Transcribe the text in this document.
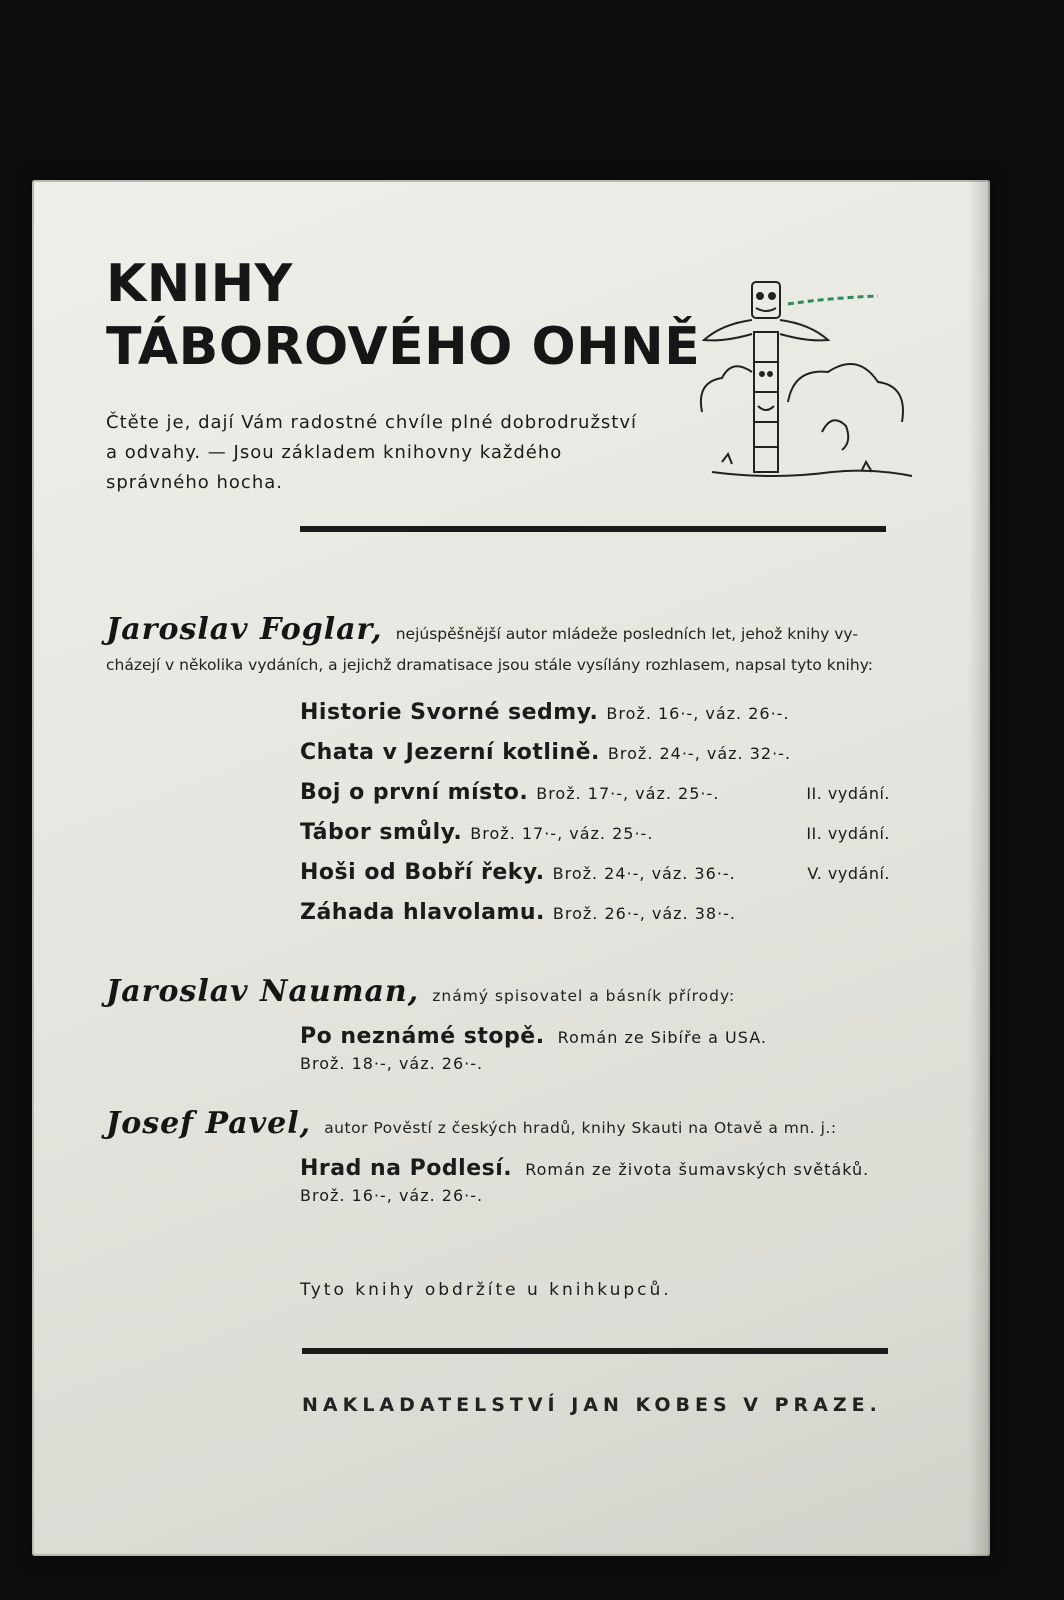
KNIHY
TÁBOROVÉHO OHNĚ
Čtěte je, dají Vám radostné chvíle plné dobrodružství
a odvahy. — Jsou základem knihovny každého
správného hocha.
Jaroslav Foglar, nejúspěšnější autor mládeže posledních let, jehož knihy vy-
cházejí v několika vydáních, a jejichž dramatisace jsou stále vysílány rozhlasem, napsal tyto knihy:
Historie Svorné sedmy. Brož. 16·-, váz. 26·-.
Chata v Jezerní kotlině. Brož. 24·-, váz. 32·-.
Boj o první místo. Brož. 17·-, váz. 25·-.	II. vydání.
Tábor smůly. Brož. 17·-, váz. 25·-.	II. vydání.
Hoši od Bobří řeky. Brož. 24·-, váz. 36·-.	V. vydání.
Záhada hlavolamu. Brož. 26·-, váz. 38·-.
Jaroslav Nauman, známý spisovatel a básník přírody:
Po neznámé stopě. Román ze Sibíře a USA.
Brož. 18·-, váz. 26·-.
Josef Pavel, autor Pověstí z českých hradů, knihy Skauti na Otavě a mn. j.:
Hrad na Podlesí. Román ze života šumavských světáků.
Brož. 16·-, váz. 26·-.
Tyto knihy obdržíte u knihkupců.
NAKLADATELSTVÍ JAN KOBES V PRAZE.
